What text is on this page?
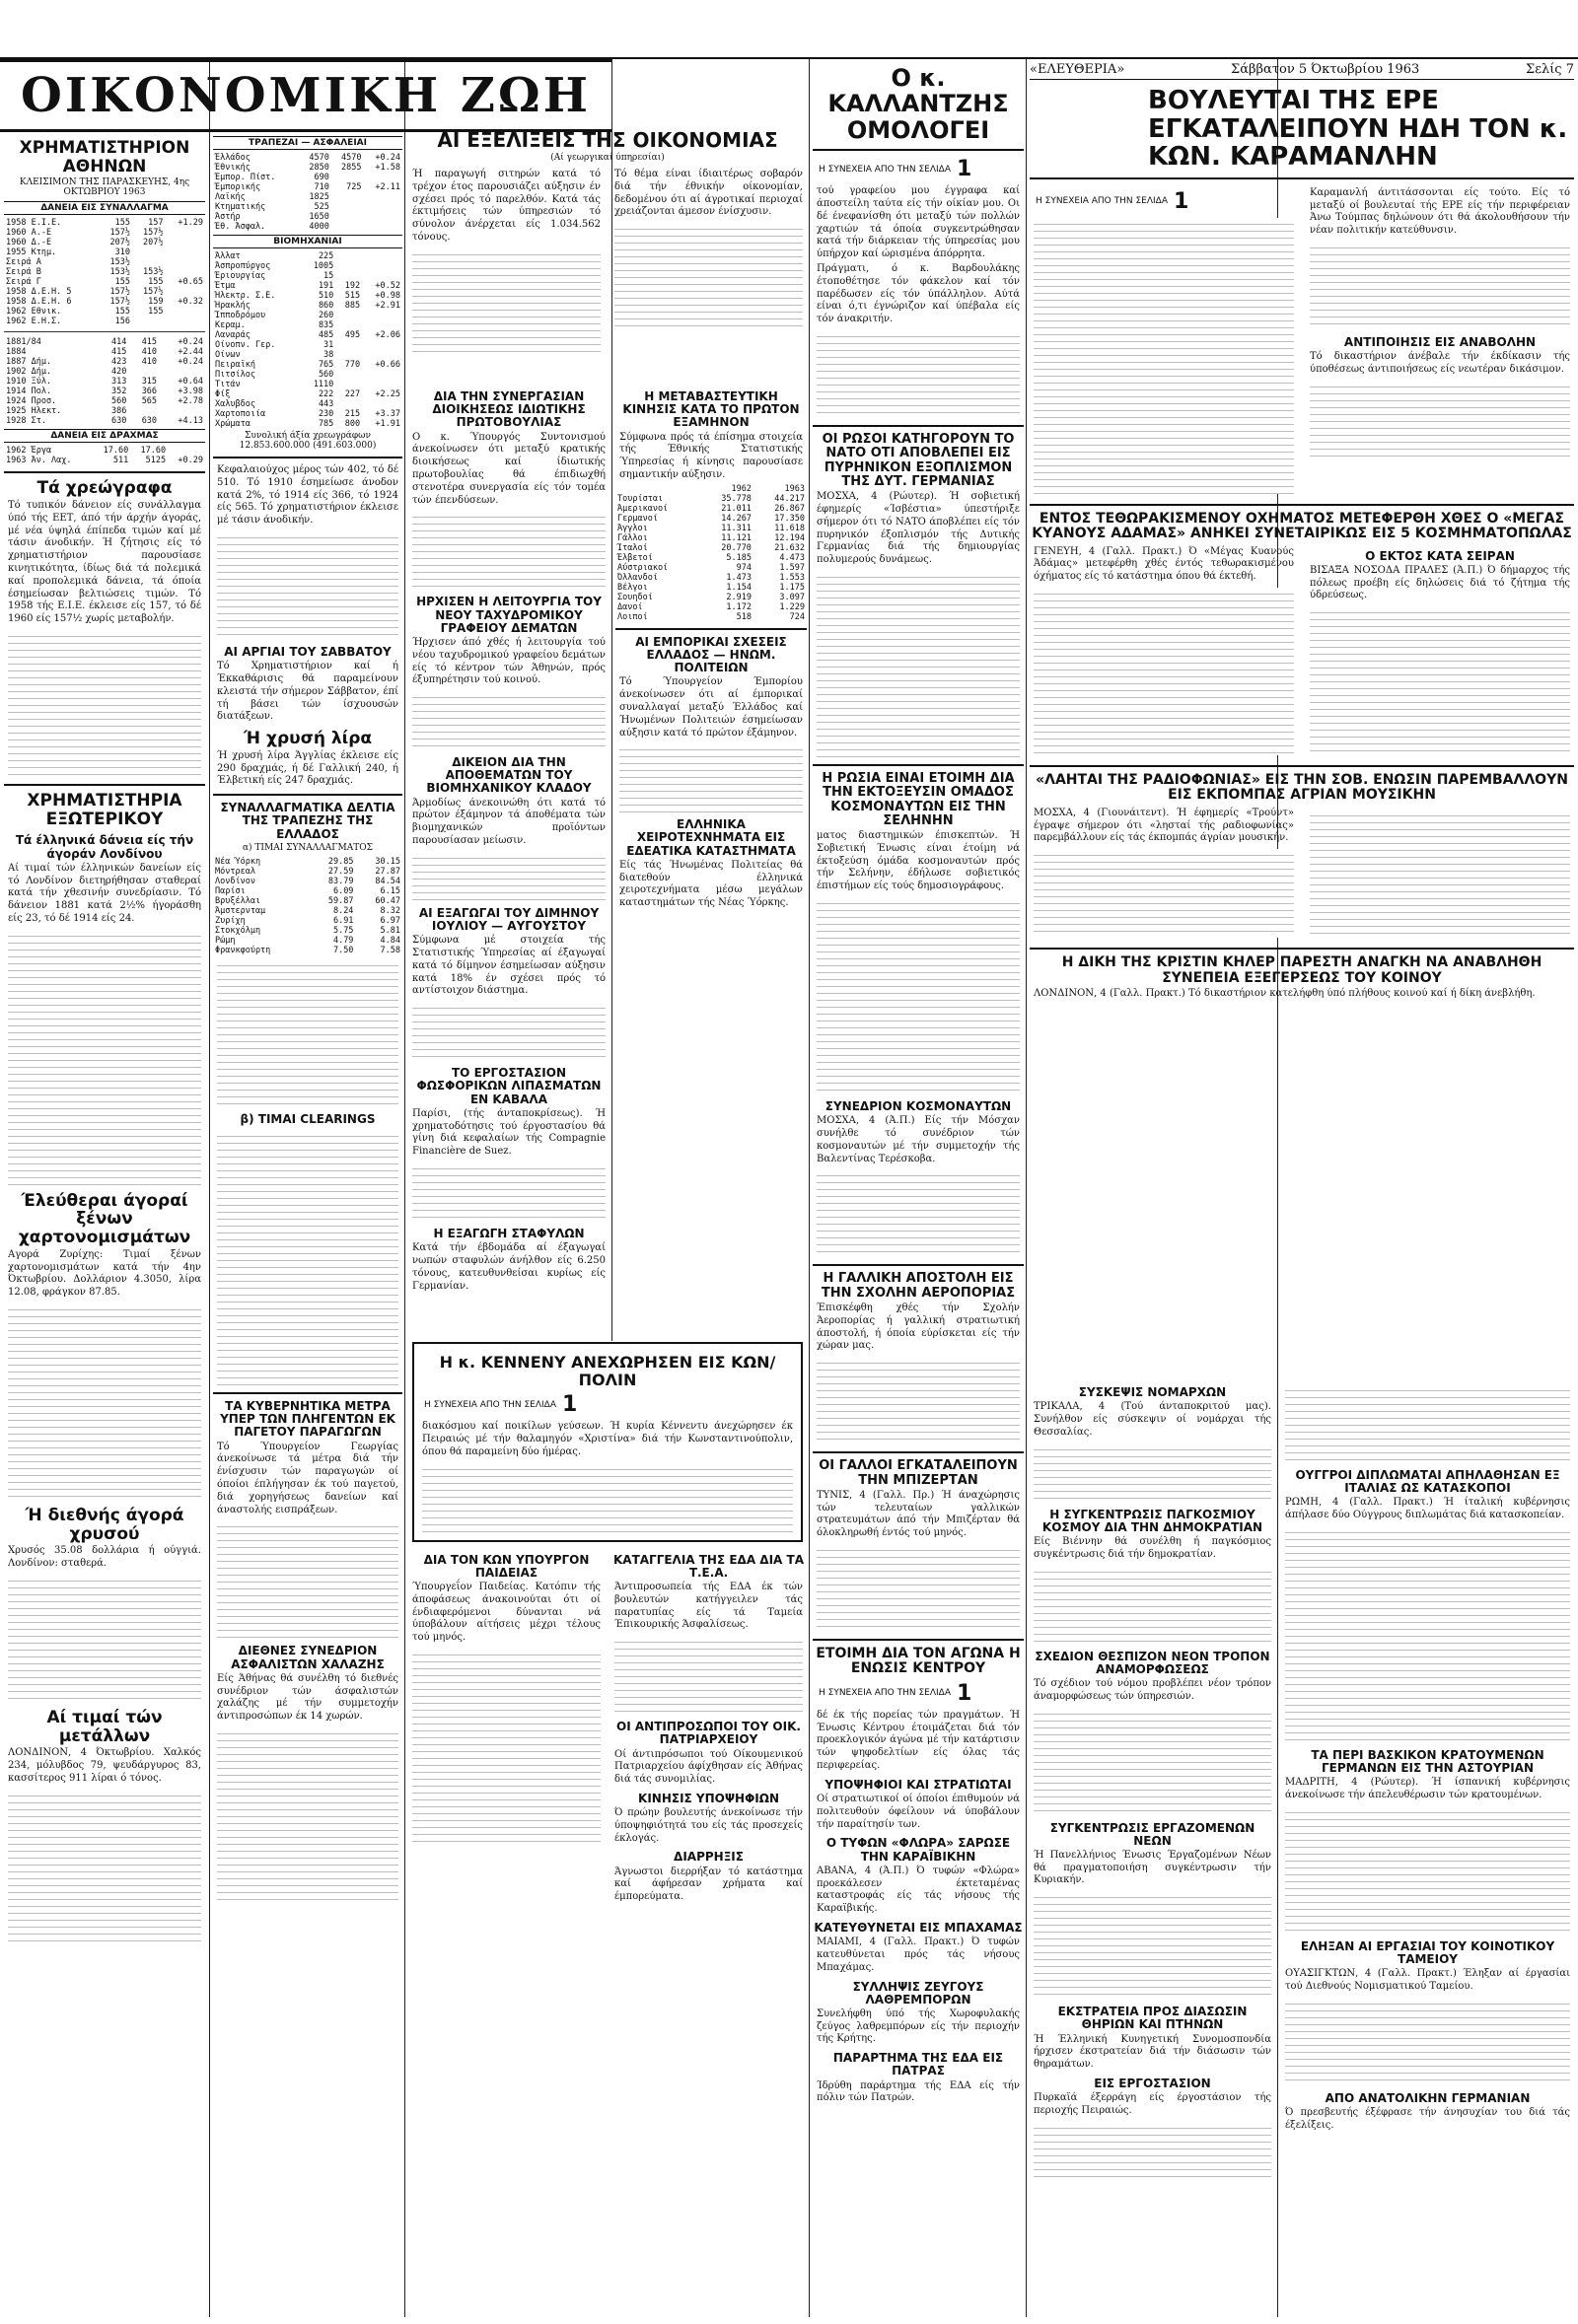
ΟΙΚΟΝΟΜΙΚΗ ΖΩΗ
ΧΡΗΜΑΤΙΣΤΗΡΙΟΝ ΑΘΗΝΩΝ
ΚΛΕΙΣΙΜΟΝ ΤΗΣ ΠΑΡΑΣΚΕΥΗΣ, 4ης ΟΚΤΩΒΡΙΟΥ 1963
ΔΑΝΕΙΑ ΕΙΣ ΣΥΝΑΛΛΑΓΜΑ
1958 Ε.Ι.Ε.	155	157	+1.29
1960 Α.-Ε	157½	157½	
1960 Δ.-Ε	207½	207½	
1955 Κτημ.	310		
Σειρά Α	153½		
Σειρά Β	153½	153½	
Σειρά Γ	155	155	+0.65
1958 Δ.Ε.Η. 5	157½	157½	
1958 Δ.Ε.Η. 6	157½	159	+0.32
1962 Εθνικ.	155	155	
1962 Ε.Η.Σ.	156		
1881/84	414	415	+0.24
1884	415	410	+2.44
1887 Δήμ.	423	410	+0.24
1902 Δήμ.	420		
1910 Ξύλ.	313	315	+0.64
1914 Πολ.	352	366	+3.98
1924 Προσ.	560	565	+2.78
1925 Ηλεκτ.	386		
1928 Στ.	630	630	+4.13
ΔΑΝΕΙΑ ΕΙΣ ΔΡΑΧΜΑΣ
1962 Έργα	17.60	17.60	
1963 Άν. Λαχ.	511	5125	+0.29
Τά χρεώγραφα
Τό τυπικόν δάνειον είς συνάλλαγμα ύπό τής ΕΕΤ, άπό τήν άρχήν άγοράς, μέ νέα ύψηλά έπίπεδα τιμών καί μέ τάσιν άνοδικήν. Ή ζήτησις είς τό χρηματιστήριον παρουσίασε κινητικότητα, ίδίως διά τά πολεμικά καί προπολεμικά δάνεια, τά όποία έσημείωσαν βελτιώσεις τιμών. Τό 1958 τής Ε.Ι.Ε. έκλεισε είς 157, τό δέ 1960 είς 157½ χωρίς μεταβολήν.
ΧΡΗΜΑΤΙΣΤΗΡΙΑ ΕΞΩΤΕΡΙΚΟΥ
Τά έλληνικά δάνεια είς τήν άγοράν Λονδίνου
Αί τιμαί τών έλληνικών δανείων είς τό Λονδίνον διετηρήθησαν σταθεραί κατά τήν χθεσινήν συνεδρίασιν. Τό δάνειον 1881 κατά 2½% ήγοράσθη είς 23, τό δέ 1914 είς 24.
Έλεύθεραι άγοραί ξένων χαρτονομισμάτων
Αγορά Ζυρίχης: Τιμαί ξένων χαρτονομισμάτων κατά τήν 4ην Όκτωβρίου. Δολλάριον 4.3050, λίρα 12.08, φράγκον 87.85.
Ή διεθνής άγορά χρυσού
Χρυσός 35.08 δολλάρια ή ούγγιά. Λονδίνον: σταθερά.
Αί τιμαί τών μετάλλων
ΛΟΝΔΙΝΟΝ, 4 Όκτωβρίου. Χαλκός 234, μόλυβδος 79, ψευδάργυρος 83, κασσίτερος 911 λίραι ό τόνος.
ΤΡΑΠΕΖΑΙ — ΑΣΦΑΛΕΙΑΙ
Έλλάδος	4570	4570	+0.24
Έθνικής	2850	2855	+1.58
Έμπορ. Πίστ.	690		
Έμπορικής	710	725	+2.11
Λαϊκής	1825		
Κτηματικής	525		
Άστήρ	1650		
Έθ. Άσφαλ.	4000		
ΒΙΟΜΗΧΑΝΙΑΙ
Άλλατ	225		
Άσπροπύργος	1005		
Έριουργίας	15		
Έτμα	191	192	+0.52
Ήλεκτρ. Σ.Ε.	510	515	+0.98
Ήρακλής	860	885	+2.91
Ίπποδρόμου	260		
Κεραμ.	835		
Λαναράς	485	495	+2.06
Οίνοπν. Γερ.	31		
Οίνων	38		
Πειραϊκή	765	770	+0.66
Πιτσίλος	560		
Τιτάν	1110		
Φίξ	222	227	+2.25
Χαλυβδος	443		
Χαρτοποιία	230	215	+3.37
Χρώματα	785	800	+1.91
Συνολική άξία χρεωγράφων 12.853.600.000 (491.603.000)
Κεφαλαιούχος μέρος τών 402, τό δέ 510. Τό 1910 έσημείωσε άνοδον κατά 2%, τό 1914 είς 366, τό 1924 είς 565. Τό χρηματιστήριον έκλεισε μέ τάσιν άνοδικήν.
ΑΙ ΑΡΓΙΑΙ ΤΟΥ ΣΑΒΒΑΤΟΥ
Τό Χρηματιστήριον καί ή Έκκαθάρισις θά παραμείνουν κλειστά τήν σήμερον Σάββατον, έπί τή βάσει τών ίσχυουσών διατάξεων.
Ή χρυσή λίρα
Ή χρυσή λίρα Άγγλίας έκλεισε είς 290 δραχμάς, ή δέ Γαλλική 240, ή Έλβετική είς 247 δραχμάς.
ΣΥΝΑΛΛΑΓΜΑΤΙΚΑ ΔΕΛΤΙΑ ΤΗΣ ΤΡΑΠΕΖΗΣ ΤΗΣ ΕΛΛΑΔΟΣ
α) ΤΙΜΑΙ ΣΥΝΑΛΛΑΓΜΑΤΟΣ
Νέα Ύόρκη	29.85	30.15
Μόντρεαλ	27.59	27.87
Λονδίνον	83.79	84.54
Παρίσι	6.09	6.15
Βρυξέλλαι	59.87	60.47
Άμστερνταμ	8.24	8.32
Ζυρίχη	6.91	6.97
Στοκχόλμη	5.75	5.81
Ρώμη	4.79	4.84
Φρανκφούρτη	7.50	7.58
β) ΤΙΜΑΙ CLEARINGS
ΤΑ ΚΥΒΕΡΝΗΤΙΚΑ ΜΕΤΡΑ ΥΠΕΡ ΤΩΝ ΠΛΗΓΕΝΤΩΝ ΕΚ ΠΑΓΕΤΟΥ ΠΑΡΑΓΩΓΩΝ
Τό Ύπουργείον Γεωργίας άνεκοίνωσε τά μέτρα διά τήν ένίσχυσιν τών παραγωγών οί όποίοι έπλήγησαν έκ τού παγετού, διά χορηγήσεως δανείων καί άναστολής εισπράξεων.
ΔΙΕΘΝΕΣ ΣΥΝΕΔΡΙΟΝ ΑΣΦΑΛΙΣΤΩΝ ΧΑΛΑΖΗΣ
Είς Άθήνας θά συνέλθη τό διεθνές συνέδριον τών άσφαλιστών χαλάζης μέ τήν συμμετοχήν άντιπροσώπων έκ 14 χωρών.
ΑΙ ΕΞΕΛΙΞΕΙΣ ΤΗΣ ΟΙΚΟΝΟΜΙΑΣ
(Αί γεωργικαί ύπηρεσίαι)
Ή παραγωγή σιτηρών κατά τό τρέχον έτος παρουσιάζει αύξησιν έν σχέσει πρός τό παρελθόν. Κατά τάς έκτιμήσεις τών ύπηρεσιών τό σύνολον άνέρχεται είς 1.034.562 τόνους.
Τό θέμα είναι ίδιαιτέρως σοβαρόν διά τήν έθνικήν οίκονομίαν, δεδομένου ότι αί άγροτικαί περιοχαί χρειάζονται άμεσον ένίσχυσιν.
ΔΙΑ ΤΗΝ ΣΥΝΕΡΓΑΣΙΑΝ ΔΙΟΙΚΗΣΕΩΣ ΙΔΙΩΤΙΚΗΣ ΠΡΩΤΟΒΟΥΛΙΑΣ
Ο κ. Ύπουργός Συντονισμού άνεκοίνωσεν ότι μεταξύ κρατικής διοικήσεως καί ίδιωτικής πρωτοβουλίας θά έπιδιωχθή στενοτέρα συνεργασία είς τόν τομέα τών έπενδύσεων.
ΗΡΧΙΣΕΝ Η ΛΕΙΤΟΥΡΓΙΑ ΤΟΥ ΝΕΟΥ ΤΑΧΥΔΡΟΜΙΚΟΥ ΓΡΑΦΕΙΟΥ ΔΕΜΑΤΩΝ
Ήρχισεν άπό χθές ή λειτουργία τού νέου ταχυδρομικού γραφείου δεμάτων είς τό κέντρον τών Άθηνών, πρός έξυπηρέτησιν τού κοινού.
ΔΙΚΕΙΟΝ ΔΙΑ ΤΗΝ ΑΠΟΘΕΜΑΤΩΝ ΤΟΥ ΒΙΟΜΗΧΑΝΙΚΟΥ ΚΛΑΔΟΥ
Άρμοδίως άνεκοινώθη ότι κατά τό πρώτον έξάμηνον τά άποθέματα τών βιομηχανικών προϊόντων παρουσίασαν μείωσιν.
ΑΙ ΕΞΑΓΩΓΑΙ ΤΟΥ ΔΙΜΗΝΟΥ ΙΟΥΛΙΟΥ — ΑΥΓΟΥΣΤΟΥ
Σύμφωνα μέ στοιχεία τής Στατιστικής Ύπηρεσίας αί έξαγωγαί κατά τό δίμηνον έσημείωσαν αύξησιν κατά 18% έν σχέσει πρός τό αντίστοιχον διάστημα.
ΤΟ ΕΡΓΟΣΤΑΣΙΟΝ ΦΩΣΦΟΡΙΚΩΝ ΛΙΠΑΣΜΑΤΩΝ ΕΝ ΚΑΒΑΛΑ
Παρίσι, (τής άνταποκρίσεως). Ή χρηματοδότησις τού έργοστασίου θά γίνη διά κεφαλαίων τής Compagnie Financière de Suez.
Η ΕΞΑΓΩΓΗ ΣΤΑΦΥΛΩΝ
Κατά τήν έβδομάδα αί έξαγωγαί νωπών σταφυλών άνήλθον είς 6.250 τόνους, κατευθυνθείσαι κυρίως είς Γερμανίαν.
Η ΜΕΤΑΒΑΣΤΕΥΤΙΚΗ ΚΙΝΗΣΙΣ ΚΑΤΑ ΤΟ ΠΡΩΤΟΝ ΕΞΑΜΗΝΟΝ
Σύμφωνα πρός τά έπίσημα στοιχεία τής Έθνικής Στατιστικής Ύπηρεσίας ή κίνησις παρουσίασε σημαντικήν αύξησιν.
	1962	1963
Τουρίσται	35.778	44.217
Άμερικανοί	21.011	26.867
Γερμανοί	14.267	17.350
Άγγλοι	11.311	11.618
Γάλλοι	11.121	12.194
Ίταλοί	20.770	21.632
Έλβετοί	5.185	4.473
Αύστριακοί	974	1.597
Όλλανδοί	1.473	1.553
Βέλγοι	1.154	1.175
Σουηδοί	2.919	3.097
Δανοί	1.172	1.229
Λοιποί	518	724
ΑΙ ΕΜΠΟΡΙΚΑΙ ΣΧΕΣΕΙΣ ΕΛΛΑΔΟΣ — ΗΝΩΜ. ΠΟΛΙΤΕΙΩΝ
Τό Ύπουργείον Έμπορίου άνεκοίνωσεν ότι αί έμπορικαί συναλλαγαί μεταξύ Έλλάδος καί Ήνωμένων Πολιτειών έσημείωσαν αύξησιν κατά τό πρώτον έξάμηνον.
ΕΛΛΗΝΙΚΑ ΧΕΙΡΟΤΕΧΝΗΜΑΤΑ ΕΙΣ ΕΔΕΑΤΙΚΑ ΚΑΤΑΣΤΗΜΑΤΑ
Είς τάς Ήνωμένας Πολιτείας θά διατεθούν έλληνικά χειροτεχνήματα μέσω μεγάλων καταστημάτων τής Νέας Ύόρκης.
Η κ. ΚΕΝΝΕΝΥ ΑΝΕΧΩΡΗΣΕΝ ΕΙΣ ΚΩΝ/ΠΟΛΙΝ
Η ΣΥΝΕΧΕΙΑ ΑΠΟ ΤΗΝ ΣΕΛΙΔΑ 1
διακόσμου καί ποικίλων γεύσεων. Ή κυρία Κέννεντυ άνεχώρησεν έκ Πειραιώς μέ τήν θαλαμηγόν «Χριστίνα» διά τήν Κωνσταντινούπολιν, όπου θά παραμείνη δύο ήμέρας.
ΔΙΑ ΤΟΝ ΚΩΝ ΥΠΟΥΡΓΟΝ ΠΑΙΔΕΙΑΣ
Ύπουργεΐον Παιδείας. Κατόπιν τής άποφάσεως άνακοινούται ότι οί ένδιαφερόμενοι δύνανται νά ύποβάλουν αίτήσεις μέχρι τέλους τού μηνός.
ΚΑΤΑΓΓΕΛΙΑ ΤΗΣ ΕΔΑ ΔΙΑ ΤΑ Τ.Ε.Α.
Άντιπροσωπεία τής ΕΔΑ έκ τών βουλευτών κατήγγειλεν τάς παρατυπίας είς τά Ταμεία Έπικουρικής Άσφαλίσεως.
ΟΙ ΑΝΤΙΠΡΟΣΩΠΟΙ ΤΟΥ ΟΙΚ. ΠΑΤΡΙΑΡΧΕΙΟΥ
Οί άντιπρόσωποι τού Οίκουμενικού Πατριαρχείου άφίχθησαν είς Άθήνας διά τάς συνομιλίας.
ΚΙΝΗΣΙΣ ΥΠΟΨΗΦΙΩΝ
Ό πρώην βουλευτής άνεκοίνωσε τήν ύποψηφιότητά του είς τάς προσεχείς έκλογάς.
ΔΙΑΡΡΗΞΙΣ
Άγνωστοι διερρήξαν τό κατάστημα καί άφήρεσαν χρήματα καί έμπορεύματα.
Ο κ. ΚΑΛΛΑΝΤΖΗΣ ΟΜΟΛΟΓΕΙ
Η ΣΥΝΕΧΕΙΑ ΑΠΟ ΤΗΝ ΣΕΛΙΔΑ 1
τού γραφείου μου έγγραφα καί άποστείλη ταύτα είς τήν οίκίαν μου. Οι δέ ένεφανίσθη ότι μεταξύ τών πολλών χαρτιών τά όποία συγκεντρώθησαν κατά τήν διάρκειαν τής ύπηρεσίας μου ύπήρχον καί ώρισμένα άπόρρητα.
Πράγματι, ό κ. Βαρδουλάκης έτοποθέτησε τόν φάκελον καί τόν παρέδωσεν είς τόν ύπάλληλον. Αύτά είναι ό,τι έγνώριζον καί ύπέβαλα είς τόν άνακριτήν.
ΟΙ ΡΩΣΟΙ ΚΑΤΗΓΟΡΟΥΝ ΤΟ ΝΑΤΟ ΟΤΙ ΑΠΟΒΛΕΠΕΙ ΕΙΣ ΠΥΡΗΝΙΚΟΝ ΕΞΟΠΛΙΣΜΟΝ ΤΗΣ ΔΥΤ. ΓΕΡΜΑΝΙΑΣ
ΜΟΣΧΑ, 4 (Ρώυτερ). Ή σοβιετική έφημερίς «Ίσβέστια» ύπεστήριξε σήμερον ότι τό ΝΑΤΟ άποβλέπει είς τόν πυρηνικόν έξοπλισμόν τής Δυτικής Γερμανίας διά τής δημιουργίας πολυμερούς δυνάμεως.
Η ΡΩΣΙΑ ΕΙΝΑΙ ΕΤΟΙΜΗ ΔΙΑ ΤΗΝ ΕΚΤΟΞΕΥΣΙΝ ΟΜΑΔΟΣ ΚΟΣΜΟΝΑΥΤΩΝ ΕΙΣ ΤΗΝ ΣΕΛΗΝΗΝ
ματος διαστημικών έπισκεπτών. Ή Σοβιετική Ένωσις είναι έτοίμη νά έκτοξεύση όμάδα κοσμοναυτών πρός τήν Σελήνην, έδήλωσε σοβιετικός έπιστήμων είς τούς δημοσιογράφους.
ΣΥΝΕΔΡΙΟΝ ΚΟΣΜΟΝΑΥΤΩΝ
ΜΟΣΧΑ, 4 (Ά.Π.) Είς τήν Μόσχαν συνήλθε τό συνέδριον τών κοσμοναυτών μέ τήν συμμετοχήν τής Βαλεντίνας Τερέσκοβα.
Η ΓΑΛΛΙΚΗ ΑΠΟΣΤΟΛΗ ΕΙΣ ΤΗΝ ΣΧΟΛΗΝ ΑΕΡΟΠΟΡΙΑΣ
Έπισκέφθη χθές τήν Σχολήν Άεροπορίας ή γαλλική στρατιωτική άποστολή, ή όποία εύρίσκεται είς τήν χώραν μας.
ΟΙ ΓΑΛΛΟΙ ΕΓΚΑΤΑΛΕΙΠΟΥΝ ΤΗΝ ΜΠΙΖΕΡΤΑΝ
ΤΥΝΙΣ, 4 (Γαλλ. Πρ.) Ή άναχώρησις τών τελευταίων γαλλικών στρατευμάτων άπό τήν Μπιζέρταν θά όλοκληρωθή έντός τού μηνός.
ΕΤΟΙΜΗ ΔΙΑ ΤΟΝ ΑΓΩΝΑ Η ΕΝΩΣΙΣ ΚΕΝΤΡΟΥ
Η ΣΥΝΕΧΕΙΑ ΑΠΟ ΤΗΝ ΣΕΛΙΔΑ 1
δέ έκ τής πορείας τών πραγμάτων. Ή Ένωσις Κέντρου έτοιμάζεται διά τόν προεκλογικόν άγώνα μέ τήν κατάρτισιν τών ψηφοδελτίων είς όλας τάς περιφερείας.
ΥΠΟΨΗΦΙΟΙ ΚΑΙ ΣΤΡΑΤΙΩΤΑΙ
Οί στρατιωτικοί οί όποίοι έπιθυμούν νά πολιτευθούν όφείλουν νά ύποβάλουν τήν παραίτησίν των.
Ο ΤΥΦΩΝ «ΦΛΩΡΑ» ΣΑΡΩΣΕ ΤΗΝ ΚΑΡΑΪΒΙΚΗΝ
ΑΒΑΝΑ, 4 (Ά.Π.) Ό τυφών «Φλώρα» προεκάλεσεν έκτεταμένας καταστροφάς είς τάς νήσους τής Καραϊβικής.
ΚΑΤΕΥΘΥΝΕΤΑΙ ΕΙΣ ΜΠΑΧΑΜΑΣ
ΜΑΙΑΜΙ, 4 (Γαλλ. Πρακτ.) Ό τυφών κατευθύνεται πρός τάς νήσους Μπαχάμας.
ΣΥΛΛΗΨΙΣ ΖΕΥΓΟΥΣ ΛΑΘΡΕΜΠΟΡΩΝ
Συνελήφθη ύπό τής Χωροφυλακής ζεύγος λαθρεμπόρων είς τήν περιοχήν τής Κρήτης.
ΠΑΡΑΡΤΗΜΑ ΤΗΣ ΕΔΑ ΕΙΣ ΠΑΤΡΑΣ
Ίδρύθη παράρτημα τής ΕΔΑ είς τήν πόλιν τών Πατρών.
ΣΥΣΚΕΨΙΣ ΝΟΜΑΡΧΩΝ
ΤΡΙΚΑΛΑ, 4 (Τού άνταποκριτού μας). Συνήλθον είς σύσκεψιν οί νομάρχαι τής Θεσσαλίας.
Η ΣΥΓΚΕΝΤΡΩΣΙΣ ΠΑΓΚΟΣΜΙΟΥ ΚΟΣΜΟΥ ΔΙΑ ΤΗΝ ΔΗΜΟΚΡΑΤΙΑΝ
Είς Βιέννην θά συνέλθη ή παγκόσμιος συγκέντρωσις διά τήν δημοκρατίαν.
ΣΧΕΔΙΟΝ ΘΕΣΠΙΖΟΝ ΝΕΟΝ ΤΡΟΠΟΝ ΑΝΑΜΟΡΦΩΣΕΩΣ
Τό σχέδιον τού νόμου προβλέπει νέον τρόπον άναμορφώσεως τών ύπηρεσιών.
ΣΥΓΚΕΝΤΡΩΣΙΣ ΕΡΓΑΖΟΜΕΝΩΝ ΝΕΩΝ
Ή Πανελλήνιος Ένωσις Έργαζομένων Νέων θά πραγματοποιήση συγκέντρωσιν τήν Κυριακήν.
ΕΚΣΤΡΑΤΕΙΑ ΠΡΟΣ ΔΙΑΣΩΣΙΝ ΘΗΡΙΩΝ ΚΑΙ ΠΤΗΝΩΝ
Ή Έλληνική Κυνηγετική Συνομοσπονδία ήρχισεν έκστρατείαν διά τήν διάσωσιν τών θηραμάτων.
ΕΙΣ ΕΡΓΟΣΤΑΣΙΟΝ
Πυρκαϊά έξερράγη είς έργοστάσιον τής περιοχής Πειραιώς.
«ΕΛΕΥΘΕΡΙΑ»	Σάββατον 5 Όκτωβρίου 1963	Σελίς 7
ΒΟΥΛΕΥΤΑΙ ΤΗΣ ΕΡΕ ΕΓΚΑΤΑΛΕΙΠΟΥΝ ΗΔΗ ΤΟΝ κ. ΚΩΝ. ΚΑΡΑΜΑΝΛΗΝ
Η ΣΥΝΕΧΕΙΑ ΑΠΟ ΤΗΝ ΣΕΛΙΔΑ 1	Καραμανλή άντιτάσσονται είς τούτο. Είς τό μεταξύ οί βουλευταί τής ΕΡΕ είς τήν περιφέρειαν Άνω Τούμπας δηλώνουν ότι θά άκολουθήσουν τήν νέαν πολιτικήν κατεύθυνσιν.
ΑΝΤΙΠΟΙΗΣΙΣ ΕΙΣ ΑΝΑΒΟΛΗΝ
Τό δικαστήριον άνέβαλε τήν έκδίκασιν τής ύποθέσεως άντιποιήσεως είς νεωτέραν δικάσιμον.
ΕΝΤΟΣ ΤΕΘΩΡΑΚΙΣΜΕΝΟΥ ΟΧΗΜΑΤΟΣ ΜΕΤΕΦΕΡΘΗ ΧΘΕΣ Ο «ΜΕΓΑΣ ΚΥΑΝΟΥΣ ΑΔΑΜΑΣ» ΑΝΗΚΕΙ ΣΥΝΕΤΑΙΡΙΚΩΣ ΕΙΣ 5 ΚΟΣΜΗΜΑΤΟΠΩΛΑΣ
ΓΕΝΕΥΗ, 4 (Γαλλ. Πρακτ.) Ό «Μέγας Κυανούς Άδάμας» μετεφέρθη χθές έντός τεθωρακισμένου όχήματος είς τό κατάστημα όπου θά έκτεθή.
Ο ΕΚΤΟΣ ΚΑΤΑ ΣΕΙΡΑΝ
ΒΙΣΑΞΑ ΝΟΣΟΔΑ ΠΡΑΛΕΣ (Ά.Π.) Ό δήμαρχος τής πόλεως προέβη είς δηλώσεις διά τό ζήτημα τής ύδρεύσεως.
«ΛΑΗΤΑΙ ΤΗΣ ΡΑΔΙΟΦΩΝΙΑΣ» ΕΙΣ ΤΗΝ ΣΟΒ. ΕΝΩΣΙΝ ΠΑΡΕΜΒΑΛΛΟΥΝ ΕΙΣ ΕΚΠΟΜΠΑΣ ΑΓΡΙΑΝ ΜΟΥΣΙΚΗΝ
ΜΟΣΧΑ, 4 (Γιουνάιτεντ). Ή έφημερίς «Τρούντ» έγραψε σήμερον ότι «λησταί τής ραδιοφωνίας» παρεμβάλλουν είς τάς έκπομπάς άγρίαν μουσικήν.
Η ΔΙΚΗ ΤΗΣ ΚΡΙΣΤΙΝ ΚΗΛΕΡ ΠΑΡΕΣΤΗ ΑΝΑΓΚΗ ΝΑ ΑΝΑΒΛΗΘΗ ΣΥΝΕΠΕΙΑ ΕΞΕΓΕΡΣΕΩΣ ΤΟΥ ΚΟΙΝΟΥ
ΛΟΝΔΙΝΟΝ, 4 (Γαλλ. Πρακτ.) Τό δικαστήριον κατελήφθη ύπό πλήθους κοινού καί ή δίκη άνεβλήθη.
ΟΥΓΓΡΟΙ ΔΙΠΛΩΜΑΤΑΙ ΑΠΗΛΑΘΗΣΑΝ ΕΞ ΙΤΑΛΙΑΣ ΩΣ ΚΑΤΑΣΚΟΠΟΙ
ΡΩΜΗ, 4 (Γαλλ. Πρακτ.) Ή ίταλική κυβέρνησις άπήλασε δύο Ούγγρους διπλωμάτας διά κατασκοπείαν.
ΤΑ ΠΕΡΙ ΒΑΣΚΙΚΟΝ ΚΡΑΤΟΥΜΕΝΩΝ ΓΕΡΜΑΝΩΝ ΕΙΣ ΤΗΝ ΑΣΤΟΥΡΙΑΝ
ΜΑΔΡΙΤΗ, 4 (Ρώυτερ). Ή ίσπανική κυβέρνησις άνεκοίνωσε τήν άπελευθέρωσιν τών κρατουμένων.
ΕΛΗΞΑΝ ΑΙ ΕΡΓΑΣΙΑΙ ΤΟΥ ΚΟΙΝΟΤΙΚΟΥ ΤΑΜΕΙΟΥ
ΟΥΑΣΙΓΚΤΩΝ, 4 (Γαλλ. Πρακτ.) Έληξαν αί έργασίαι τού Διεθνούς Νομισματικού Ταμείου.
ΑΠΟ ΑΝΑΤΟΛΙΚΗΝ ΓΕΡΜΑΝΙΑΝ
Ό πρεσβευτής έξέφρασε τήν άνησυχίαν του διά τάς έξελίξεις.
